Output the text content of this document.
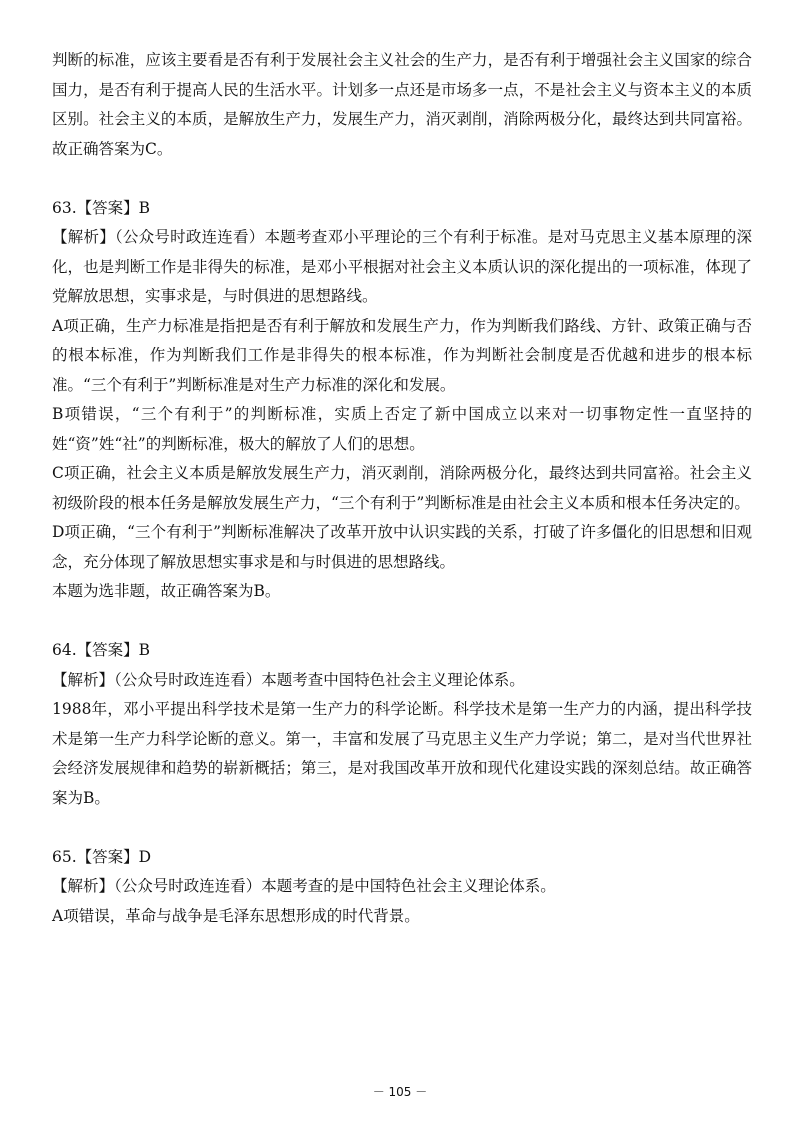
判断的标准，应该主要看是否有利于发展社会主义社会的生产力，是否有利于增强社会主义国家的综合国力，是否有利于提高人民的生活水平。计划多一点还是市场多一点，不是社会主义与资本主义的本质区别。社会主义的本质，是解放生产力，发展生产力，消灭剥削，消除两极分化，最终达到共同富裕。故正确答案为C。

63.【答案】B

【解析】（公众号时政连连看）本题考查邓小平理论的三个有利于标准。是对马克思主义基本原理的深化，也是判断工作是非得失的标准，是邓小平根据对社会主义本质认识的深化提出的一项标准，体现了党解放思想，实事求是，与时俱进的思想路线。

A项正确，生产力标准是指把是否有利于解放和发展生产力，作为判断我们路线、方针、政策正确与否的根本标准，作为判断我们工作是非得失的根本标准，作为判断社会制度是否优越和进步的根本标准。“三个有利于”判断标准是对生产力标准的深化和发展。

B项错误，“三个有利于”的判断标准，实质上否定了新中国成立以来对一切事物定性一直坚持的姓“资”姓“社”的判断标准，极大的解放了人们的思想。

C项正确，社会主义本质是解放发展生产力，消灭剥削，消除两极分化，最终达到共同富裕。社会主义初级阶段的根本任务是解放发展生产力，“三个有利于”判断标准是由社会主义本质和根本任务决定的。

D项正确，“三个有利于”判断标准解决了改革开放中认识实践的关系，打破了许多僵化的旧思想和旧观念，充分体现了解放思想实事求是和与时俱进的思想路线。

本题为选非题，故正确答案为B。

64.【答案】B

【解析】（公众号时政连连看）本题考查中国特色社会主义理论体系。

1988年，邓小平提出科学技术是第一生产力的科学论断。科学技术是第一生产力的内涵，提出科学技术是第一生产力科学论断的意义。第一，丰富和发展了马克思主义生产力学说；第二，是对当代世界社会经济发展规律和趋势的崭新概括；第三，是对我国改革开放和现代化建设实践的深刻总结。故正确答案为B。

65.【答案】D

【解析】（公众号时政连连看）本题考查的是中国特色社会主义理论体系。

A项错误，革命与战争是毛泽东思想形成的时代背景。

－ 105 －
